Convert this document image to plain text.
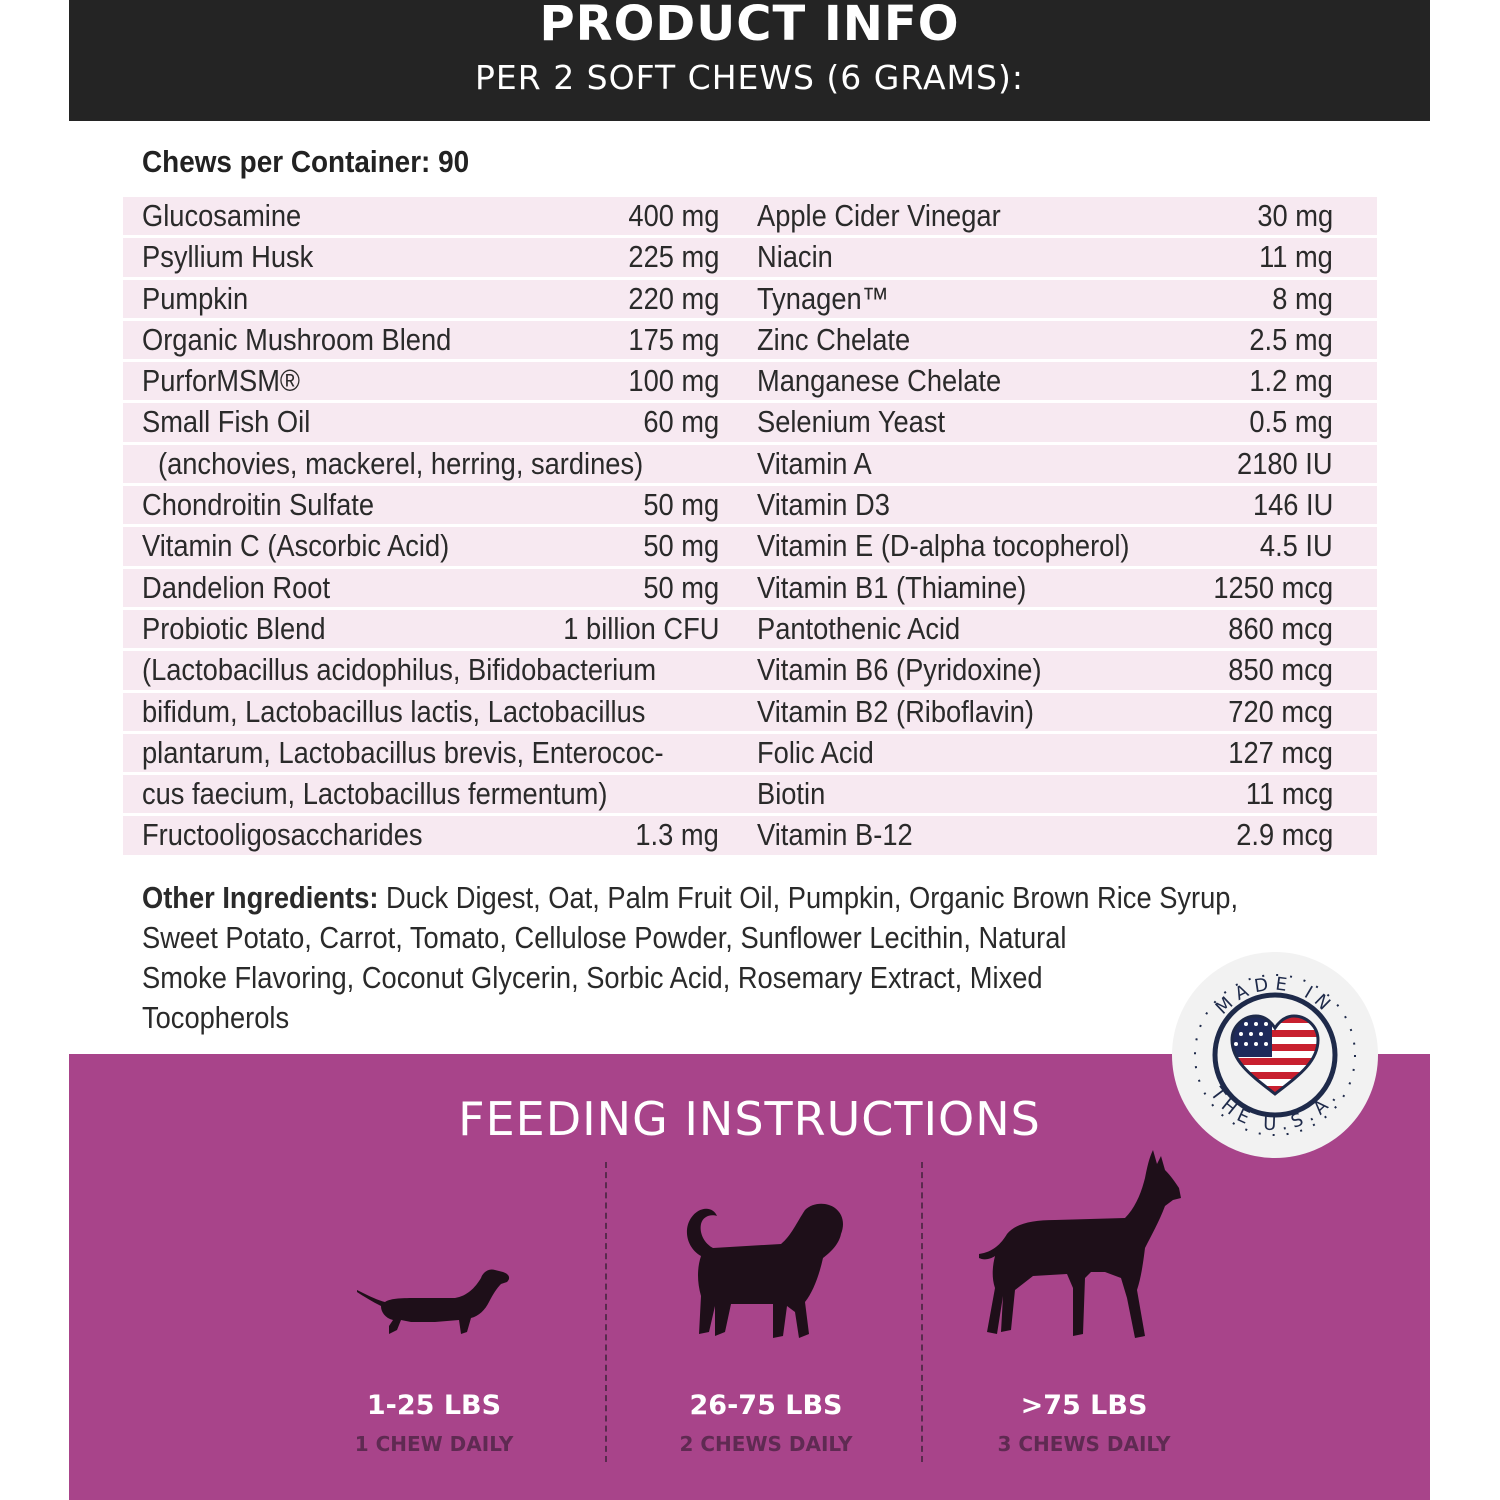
PRODUCT INFO
PER 2 SOFT CHEWS (6 GRAMS):
Chews per Container: 90
Glucosamine	400 mg Apple Cider Vinegar	30 mg
Psyllium Husk	225 mg Niacin	11 mg
Pumpkin	220 mg Tynagen™	8 mg
Organic Mushroom Blend	175 mg Zinc Chelate	2.5 mg
PurforMSM®	100 mg Manganese Chelate	1.2 mg
Small Fish Oil	60 mg Selenium Yeast	0.5 mg
(anchovies, mackerel, herring, sardines)	Vitamin A	2180 IU
Chondroitin Sulfate	50 mg Vitamin D3	146 IU
Vitamin C (Ascorbic Acid)	50 mg Vitamin E (D-alpha tocopherol)	4.5 IU
Dandelion Root	50 mg Vitamin B1 (Thiamine)	1250 mcg
Probiotic Blend	1 billion CFU Pantothenic Acid	860 mcg
(Lactobacillus acidophilus, Bifidobacterium	Vitamin B6 (Pyridoxine)	850 mcg
bifidum, Lactobacillus lactis, Lactobacillus	Vitamin B2 (Riboflavin)	720 mcg
plantarum, Lactobacillus brevis, Enterococ-	Folic Acid	127 mcg
cus faecium, Lactobacillus fermentum)	Biotin	11 mcg
Fructooligosaccharides	1.3 mg Vitamin B-12	2.9 mcg
Other Ingredients: Duck Digest, Oat, Palm Fruit Oil, Pumpkin, Organic Brown Rice Syrup,
Sweet Potato, Carrot, Tomato, Cellulose Powder, Sunflower Lecithin, Natural
Smoke Flavoring, Coconut Glycerin, Sorbic Acid, Rosemary Extract, Mixed
Tocopherols
FEEDING INSTRUCTIONS
1-25 LBS
1 CHEW DAILY
26-75 LBS
2 CHEWS DAILY
>75 LBS
3 CHEWS DAILY
MADE IN
THE U.S.A.
